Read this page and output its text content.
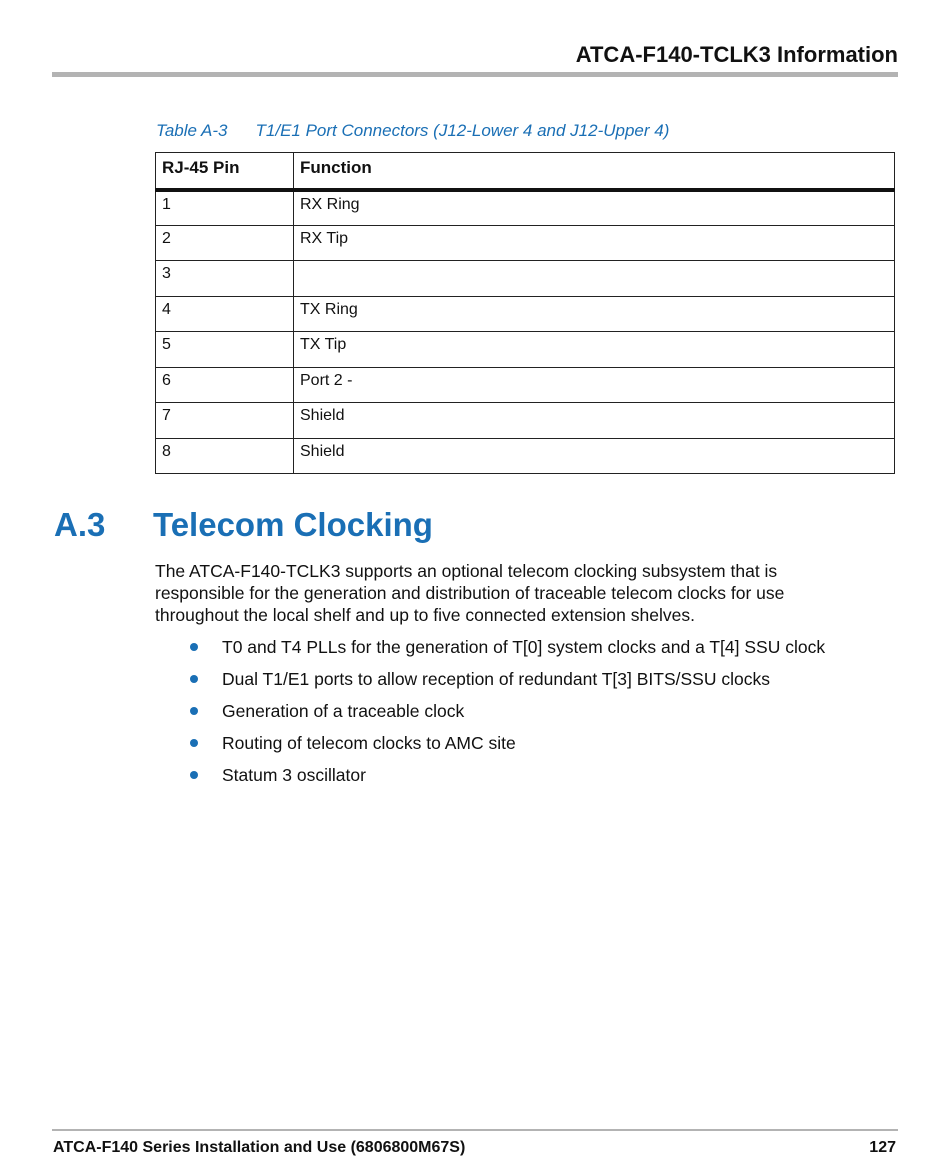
ATCA-F140-TCLK3 Information
Table A-3 T1/E1 Port Connectors (J12-Lower 4 and J12-Upper 4)
RJ-45 Pin	Function
1	RX Ring
2	RX Tip
3	
4	TX Ring
5	TX Tip
6	Port 2 -
7	Shield
8	Shield
A.3 Telecom Clocking

The ATCA-F140-TCLK3 supports an optional telecom clocking subsystem that is responsible for the generation and distribution of traceable telecom clocks for use throughout the local shelf and up to five connected extension shelves.

T0 and T4 PLLs for the generation of T[0] system clocks and a T[4] SSU clock
Dual T1/E1 ports to allow reception of redundant T[3] BITS/SSU clocks
Generation of a traceable clock
Routing of telecom clocks to AMC site
Statum 3 oscillator
ATCA-F140 Series Installation and Use (6806800M67S)	127
